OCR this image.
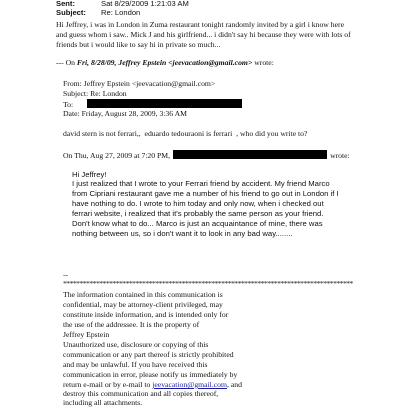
Sent:	Sat 8/29/2009 1:21:03 AM
Subject: Re: London
Hi Jeffrey, i was in London in Zuma restaurant tonight randomly invited by a girl i know here
and guess whom i saw.. Mick J and his girlfriend... i didn't say hi because they were with lots of
friends but i would like to say hi in private so much...
--- On Fri, 8/28/09, Jeffrey Epstein <jeevacation@gmail.com> wrote:
From: Jeffrey Epstein <jeevacation@gmail.com>
Subject: Re: London
To:
Date: Friday, August 28, 2009, 3:36 AM
david stern is not ferrari,,  eduardo tedouraoni is ferrari  , who did you write to?
On Thu, Aug 27, 2009 at 7:20 PM,	wrote:
Hi Jeffrey!
I just realized that I wrote to your Ferrari friend by accident. My friend Marco
from Cipriani restaurant gave me a number of his friend to go out in London if I
have nothing to do. I wrote to him today and only now, when i checked out
ferrari website, i realized that it's probably the same person as your friend.
Don't know what to do... Marco is just an acquaintance of mine, there was
nothing between us, so i don't want it to look in any bad way........
--
****************************************************************************************
The information contained in this communication is
confidential, may be attorney-client privileged, may
constitute inside information, and is intended only for
the use of the addressee. It is the property of
Jeffrey Epstein
Unauthorized use, disclosure or copying of this
communication or any part thereof is strictly prohibited
and may be unlawful. If you have received this
communication in error, please notify us immediately by
return e-mail or by e-mail to jeevacation@gmail.com, and
destroy this communication and all copies thereof,
including all attachments.
